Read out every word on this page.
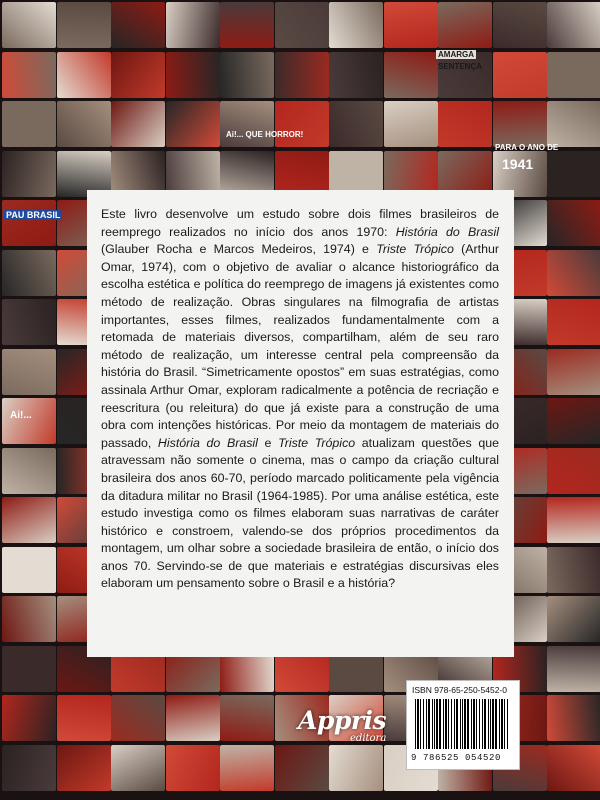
AMARGA
SENTENÇA
PARA O ANO DE
1941
PAU BRASIL
Ai!... QUE HORROR!
Ai!...
Este livro desenvolve um estudo sobre dois filmes brasileiros de reemprego realizados no início dos anos 1970: História do Brasil (Glauber Rocha e Marcos Medeiros, 1974) e Triste Trópico (Arthur Omar, 1974), com o objetivo de avaliar o alcance historiográfico da escolha estética e política do reemprego de imagens já existentes como método de realização. Obras singulares na filmografia de artistas importantes, esses filmes, realizados fundamentalmente com a retomada de materiais diversos, compartilham, além de seu raro método de realização, um interesse central pela compreensão da história do Brasil. “Simetricamente opostos” em suas estratégias, como assinala Arthur Omar, exploram radicalmente a potência de recriação e reescritura (ou releitura) do que já existe para a construção de uma obra com intenções históricas. Por meio da montagem de materiais do passado, História do Brasil e Triste Trópico atualizam questões que atravessam não somente o cinema, mas o campo da criação cultural brasileira dos anos 60-70, período marcado politicamente pela vigência da ditadura militar no Brasil (1964-1985). Por uma análise estética, este estudo investiga como os filmes elaboram suas narrativas de caráter histórico e constroem, valendo-se dos próprios procedimentos da montagem, um olhar sobre a sociedade brasileira de então, o início dos anos 70. Servindo-se de que materiais e estratégias discursivas eles elaboram um pensamento sobre o Brasil e a história?
Appris
editora
ISBN 978-65-250-5452-0
9 786525 054520
